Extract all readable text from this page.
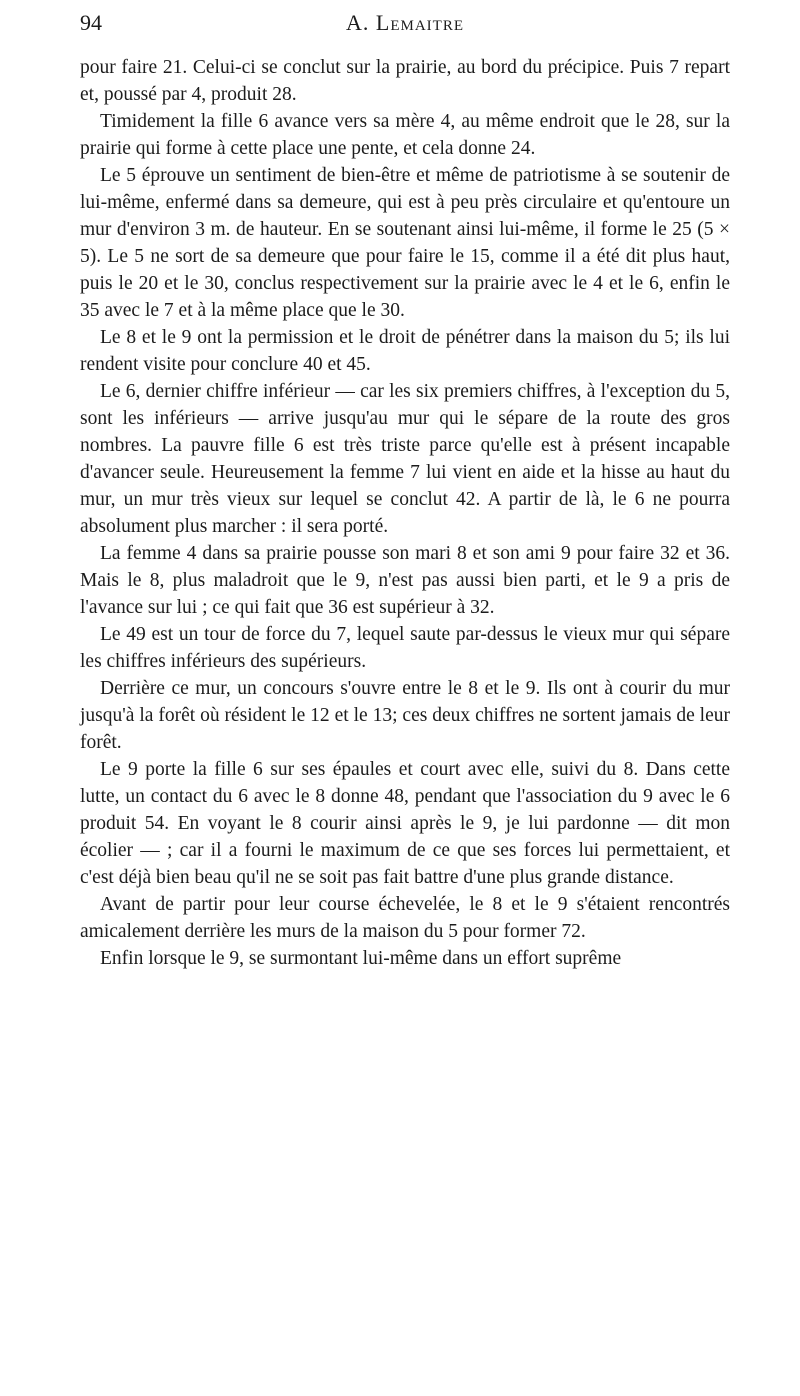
94	A. Lemaitre

pour faire 21. Celui-ci se conclut sur la prairie, au bord du précipice. Puis 7 repart et, poussé par 4, produit 28.

Timidement la fille 6 avance vers sa mère 4, au même endroit que le 28, sur la prairie qui forme à cette place une pente, et cela donne 24.

Le 5 éprouve un sentiment de bien-être et même de patriotisme à se soutenir de lui-même, enfermé dans sa demeure, qui est à peu près circulaire et qu'entoure un mur d'environ 3 m. de hauteur. En se soutenant ainsi lui-même, il forme le 25 (5 × 5). Le 5 ne sort de sa demeure que pour faire le 15, comme il a été dit plus haut, puis le 20 et le 30, conclus respectivement sur la prairie avec le 4 et le 6, enfin le 35 avec le 7 et à la même place que le 30.

Le 8 et le 9 ont la permission et le droit de pénétrer dans la maison du 5; ils lui rendent visite pour conclure 40 et 45.

Le 6, dernier chiffre inférieur — car les six premiers chiffres, à l'exception du 5, sont les inférieurs — arrive jusqu'au mur qui le sépare de la route des gros nombres. La pauvre fille 6 est très triste parce qu'elle est à présent incapable d'avancer seule. Heureusement la femme 7 lui vient en aide et la hisse au haut du mur, un mur très vieux sur lequel se conclut 42. A partir de là, le 6 ne pourra absolument plus marcher : il sera porté.

La femme 4 dans sa prairie pousse son mari 8 et son ami 9 pour faire 32 et 36. Mais le 8, plus maladroit que le 9, n'est pas aussi bien parti, et le 9 a pris de l'avance sur lui ; ce qui fait que 36 est supérieur à 32.

Le 49 est un tour de force du 7, lequel saute par-dessus le vieux mur qui sépare les chiffres inférieurs des supérieurs.

Derrière ce mur, un concours s'ouvre entre le 8 et le 9. Ils ont à courir du mur jusqu'à la forêt où résident le 12 et le 13; ces deux chiffres ne sortent jamais de leur forêt.

Le 9 porte la fille 6 sur ses épaules et court avec elle, suivi du 8. Dans cette lutte, un contact du 6 avec le 8 donne 48, pendant que l'association du 9 avec le 6 produit 54. En voyant le 8 courir ainsi après le 9, je lui pardonne — dit mon écolier — ; car il a fourni le maximum de ce que ses forces lui permettaient, et c'est déjà bien beau qu'il ne se soit pas fait battre d'une plus grande distance.

Avant de partir pour leur course échevelée, le 8 et le 9 s'étaient rencontrés amicalement derrière les murs de la maison du 5 pour former 72.

Enfin lorsque le 9, se surmontant lui-même dans un effort suprême
